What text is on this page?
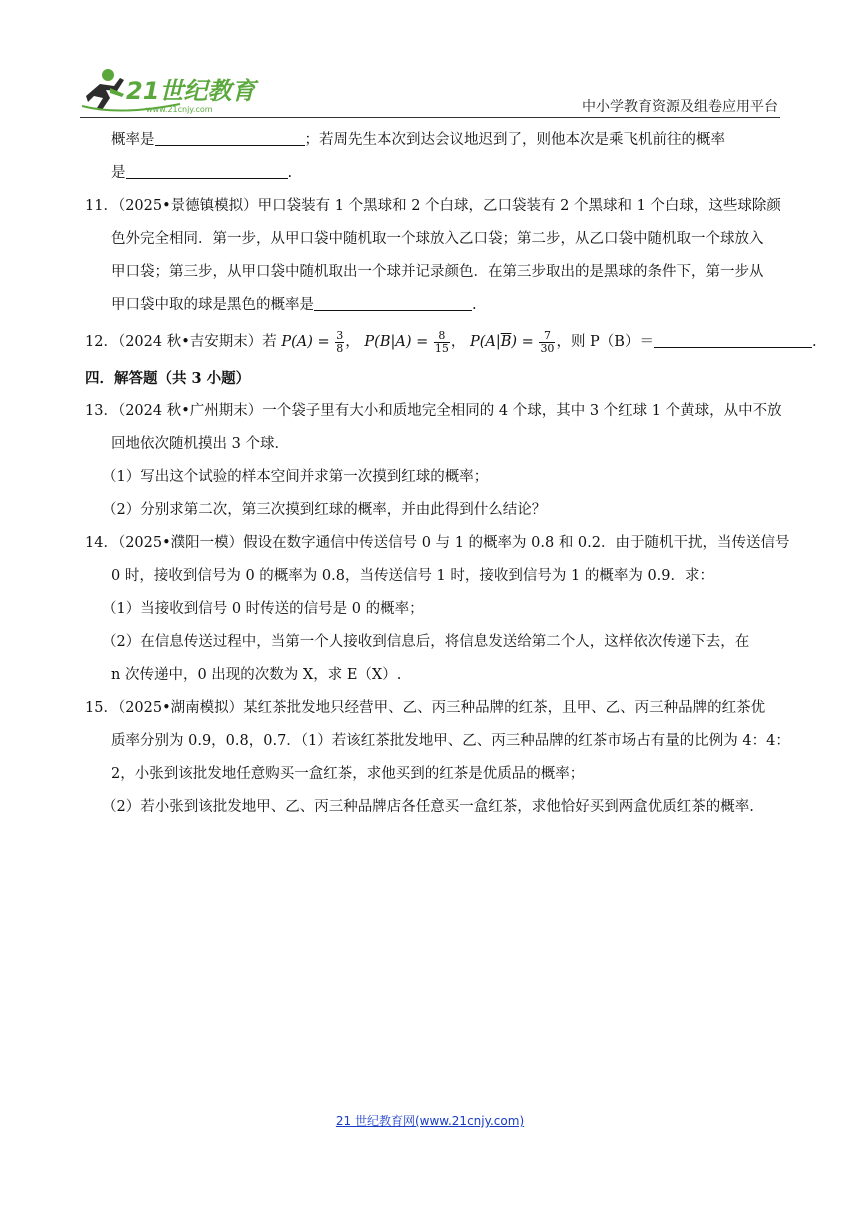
21世纪教育
www.21cnjy.com	中小学教育资源及组卷应用平台
概率是	；若周先生本次到达会议地迟到了，则他本次是乘飞机前往的概率
是	.
11．（2025•景德镇模拟）甲口袋装有 1 个黑球和 2 个白球，乙口袋装有 2 个黑球和 1 个白球，这些球除颜
色外完全相同．第一步，从甲口袋中随机取一个球放入乙口袋；第二步，从乙口袋中随机取一个球放入
甲口袋；第三步，从甲口袋中随机取出一个球并记录颜色．在第三步取出的是黑球的条件下，第一步从
甲口袋中取的球是黑色的概率是	.
12．（2024 秋•吉安期末）若 $P(A) = \frac{3}{8}$ ， $P(B|A) = \frac{8}{15}$ ， $P(A|\overline{B}) = \frac{7}{30}$ ，则 P（B）＝	.
四．解答题（共 3 小题）
13．（2024 秋•广州期末）一个袋子里有大小和质地完全相同的 4 个球，其中 3 个红球 1 个黄球，从中不放
回地依次随机摸出 3 个球．
（1）写出这个试验的样本空间并求第一次摸到红球的概率；
（2）分别求第二次，第三次摸到红球的概率，并由此得到什么结论？
14．（2025•濮阳一模）假设在数字通信中传送信号 0 与 1 的概率为 0.8 和 0.2．由于随机干扰，当传送信号
0 时，接收到信号为 0 的概率为 0.8，当传送信号 1 时，接收到信号为 1 的概率为 0.9．求：
（1）当接收到信号 0 时传送的信号是 0 的概率；
（2）在信息传送过程中，当第一个人接收到信息后，将信息发送给第二个人，这样依次传递下去，在
n 次传递中，0 出现的次数为 X，求 E（X）.
15．（2025•湖南模拟）某红茶批发地只经营甲、乙、丙三种品牌的红茶，且甲、乙、丙三种品牌的红茶优
质率分别为 0.9，0.8，0.7．（1）若该红茶批发地甲、乙、丙三种品牌的红茶市场占有量的比例为 4：4：
2，小张到该批发地任意购买一盒红茶，求他买到的红茶是优质品的概率；
（2）若小张到该批发地甲、乙、丙三种品牌店各任意买一盒红茶，求他恰好买到两盒优质红茶的概率.
21 世纪教育网(www.21cnjy.com)
